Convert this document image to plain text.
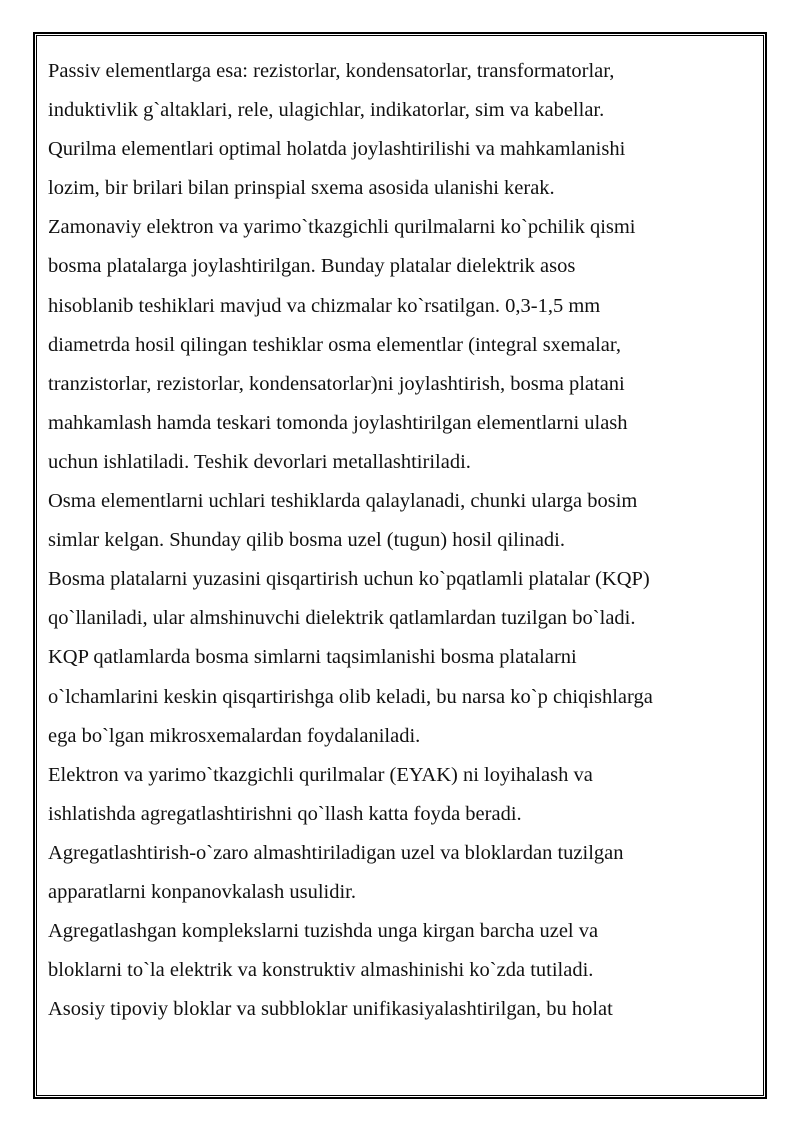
Passiv elementlarga esa: rezistorlar, kondensatorlar, transformatorlar,
induktivlik g`altaklari, rele, ulagichlar, indikatorlar, sim va kabellar.
Qurilma elementlari optimal holatda joylashtirilishi va mahkamlanishi
lozim, bir brilari bilan prinspial sxema asosida ulanishi kerak.
Zamonaviy elektron va yarimo`tkazgichli qurilmalarni ko`pchilik qismi
bosma platalarga joylashtirilgan. Bunday platalar dielektrik asos
hisoblanib teshiklari mavjud va chizmalar ko`rsatilgan. 0,3-1,5 mm
diametrda hosil qilingan teshiklar osma elementlar (integral sxemalar,
tranzistorlar, rezistorlar, kondensatorlar)ni joylashtirish, bosma platani
mahkamlash hamda teskari tomonda joylashtirilgan elementlarni ulash
uchun ishlatiladi. Teshik devorlari metallashtiriladi.
Osma elementlarni uchlari teshiklarda qalaylanadi, chunki ularga bosim
simlar kelgan. Shunday qilib bosma uzel (tugun) hosil qilinadi.
Bosma platalarni yuzasini qisqartirish uchun ko`pqatlamli platalar (KQP)
qo`llaniladi, ular almshinuvchi dielektrik qatlamlardan tuzilgan bo`ladi.
KQP qatlamlarda bosma simlarni taqsimlanishi bosma platalarni
o`lchamlarini keskin qisqartirishga olib keladi, bu narsa ko`p chiqishlarga
ega bo`lgan mikrosxemalardan foydalaniladi.
Elektron va yarimo`tkazgichli qurilmalar (EYAK) ni loyihalash va
ishlatishda agregatlashtirishni qo`llash katta foyda beradi.
Agregatlashtirish-o`zaro almashtiriladigan uzel va bloklardan tuzilgan
apparatlarni konpanovkalash usulidir.
Agregatlashgan komplekslarni tuzishda unga kirgan barcha uzel va
bloklarni to`la elektrik va konstruktiv almashinishi ko`zda tutiladi.
Asosiy tipoviy bloklar va subbloklar unifikasiyalashtirilgan, bu holat
